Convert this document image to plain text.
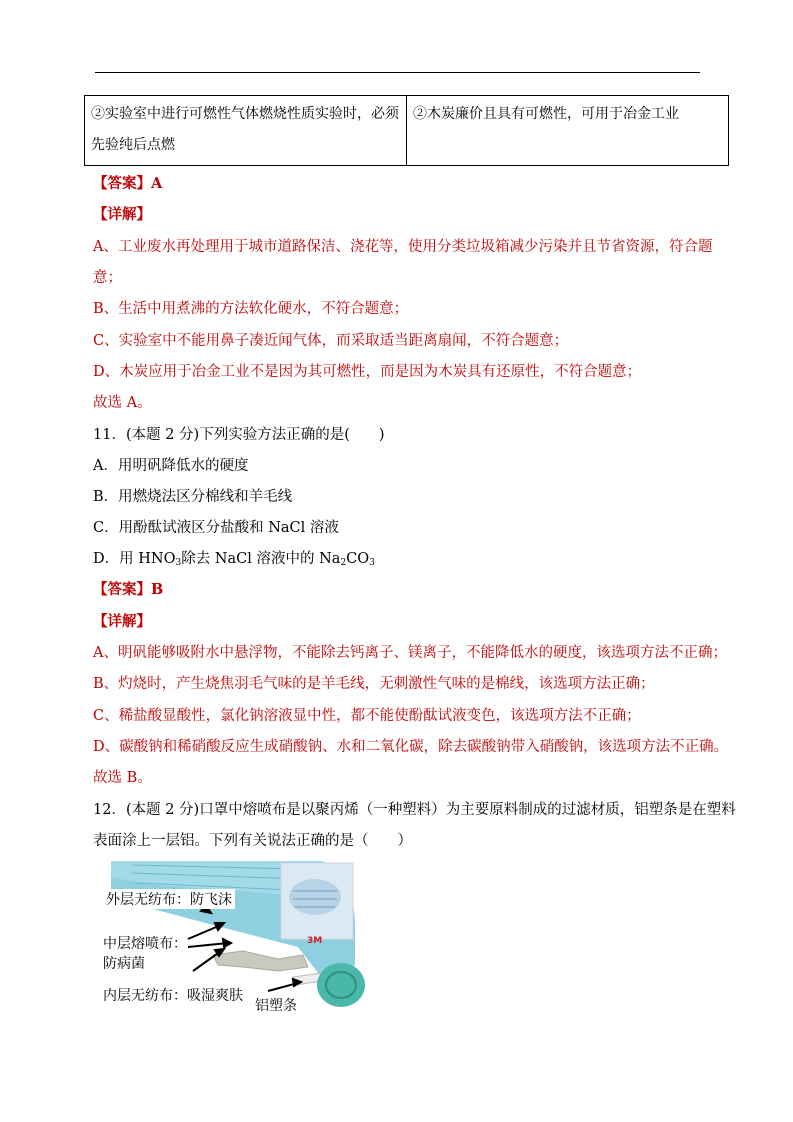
②实验室中进行可燃性气体燃烧性质实验时，必须先验纯后点燃	②木炭廉价且具有可燃性，可用于冶金工业
【答案】A
【详解】
A、工业废水再处理用于城市道路保洁、浇花等，使用分类垃圾箱减少污染并且节省资源，符合题
意；
B、生活中用煮沸的方法软化硬水，不符合题意；
C、实验室中不能用鼻子凑近闻气体，而采取适当距离扇闻，不符合题意；
D、木炭应用于冶金工业不是因为其可燃性，而是因为木炭具有还原性，不符合题意；
故选 A。
11．(本题 2 分)下列实验方法正确的是(　　)
A．用明矾降低水的硬度
B．用燃烧法区分棉线和羊毛线
C．用酚酞试液区分盐酸和 NaCl 溶液
D．用 $HNO_3$除去 NaCl 溶液中的 $Na_2CO_3$
【答案】B
【详解】
A、明矾能够吸附水中悬浮物，不能除去钙离子、镁离子，不能降低水的硬度，该选项方法不正确；
B、灼烧时，产生烧焦羽毛气味的是羊毛线，无刺激性气味的是棉线，该选项方法正确；
C、稀盐酸显酸性，氯化钠溶液显中性，都不能使酚酞试液变色，该选项方法不正确；
D、碳酸钠和稀硝酸反应生成硝酸钠、水和二氧化碳，除去碳酸钠带入硝酸钠，该选项方法不正确。
故选 B。
12．(本题 2 分)口罩中熔喷布是以聚丙烯（一种塑料）为主要原料制成的过滤材质，铝塑条是在塑料
表面涂上一层铝。下列有关说法正确的是（　　）
3M
外层无纺布：防飞沫
中层熔喷布：
防病菌
内层无纺布：吸湿爽肤
铝塑条
